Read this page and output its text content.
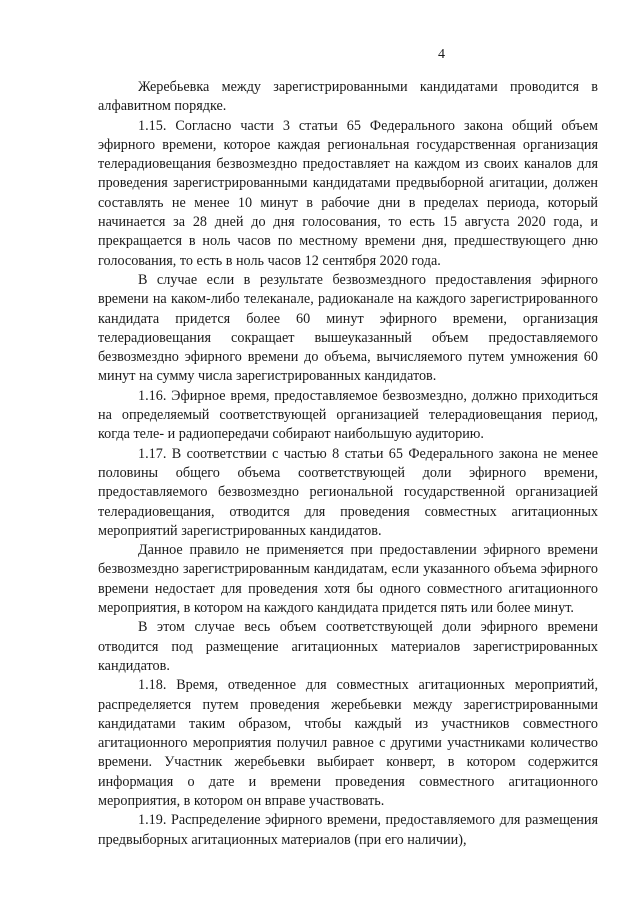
4

Жеребьевка между зарегистрированными кандидатами проводится в алфавитном порядке.

1.15. Согласно части 3 статьи 65 Федерального закона общий объем эфирного времени, которое каждая региональная государственная организация телерадиовещания безвозмездно предоставляет на каждом из своих каналов для проведения зарегистрированными кандидатами предвыборной агитации, должен составлять не менее 10 минут в рабочие дни в пределах периода, который начинается за 28 дней до дня голосования, то есть 15 августа 2020 года, и прекращается в ноль часов по местному времени дня, предшествующего дню голосования, то есть в ноль часов 12 сентября 2020 года.

В случае если в результате безвозмездного предоставления эфирного времени на каком-либо телеканале, радиоканале на каждого зарегистрированного кандидата придется более 60 минут эфирного времени, организация телерадиовещания сокращает вышеуказанный объем предоставляемого безвозмездно эфирного времени до объема, вычисляемого путем умножения 60 минут на сумму числа зарегистрированных кандидатов.

1.16. Эфирное время, предоставляемое безвозмездно, должно приходиться на определяемый соответствующей организацией телерадиовещания период, когда теле- и радиопередачи собирают наибольшую аудиторию.

1.17. В соответствии с частью 8 статьи 65 Федерального закона не менее половины общего объема соответствующей доли эфирного времени, предоставляемого безвозмездно региональной государственной организацией телерадиовещания, отводится для проведения совместных агитационных мероприятий зарегистрированных кандидатов.

Данное правило не применяется при предоставлении эфирного времени безвозмездно зарегистрированным кандидатам, если указанного объема эфирного времени недостает для проведения хотя бы одного совместного агитационного мероприятия, в котором на каждого кандидата придется пять или более минут.

В этом случае весь объем соответствующей доли эфирного времени отводится под размещение агитационных материалов зарегистрированных кандидатов.

1.18. Время, отведенное для совместных агитационных мероприятий, распределяется путем проведения жеребьевки между зарегистрированными кандидатами таким образом, чтобы каждый из участников совместного агитационного мероприятия получил равное с другими участниками количество времени. Участник жеребьевки выбирает конверт, в котором содержится информация о дате и времени проведения совместного агитационного мероприятия, в котором он вправе участвовать.

1.19. Распределение эфирного времени, предоставляемого для размещения предвыборных агитационных материалов (при его наличии),
